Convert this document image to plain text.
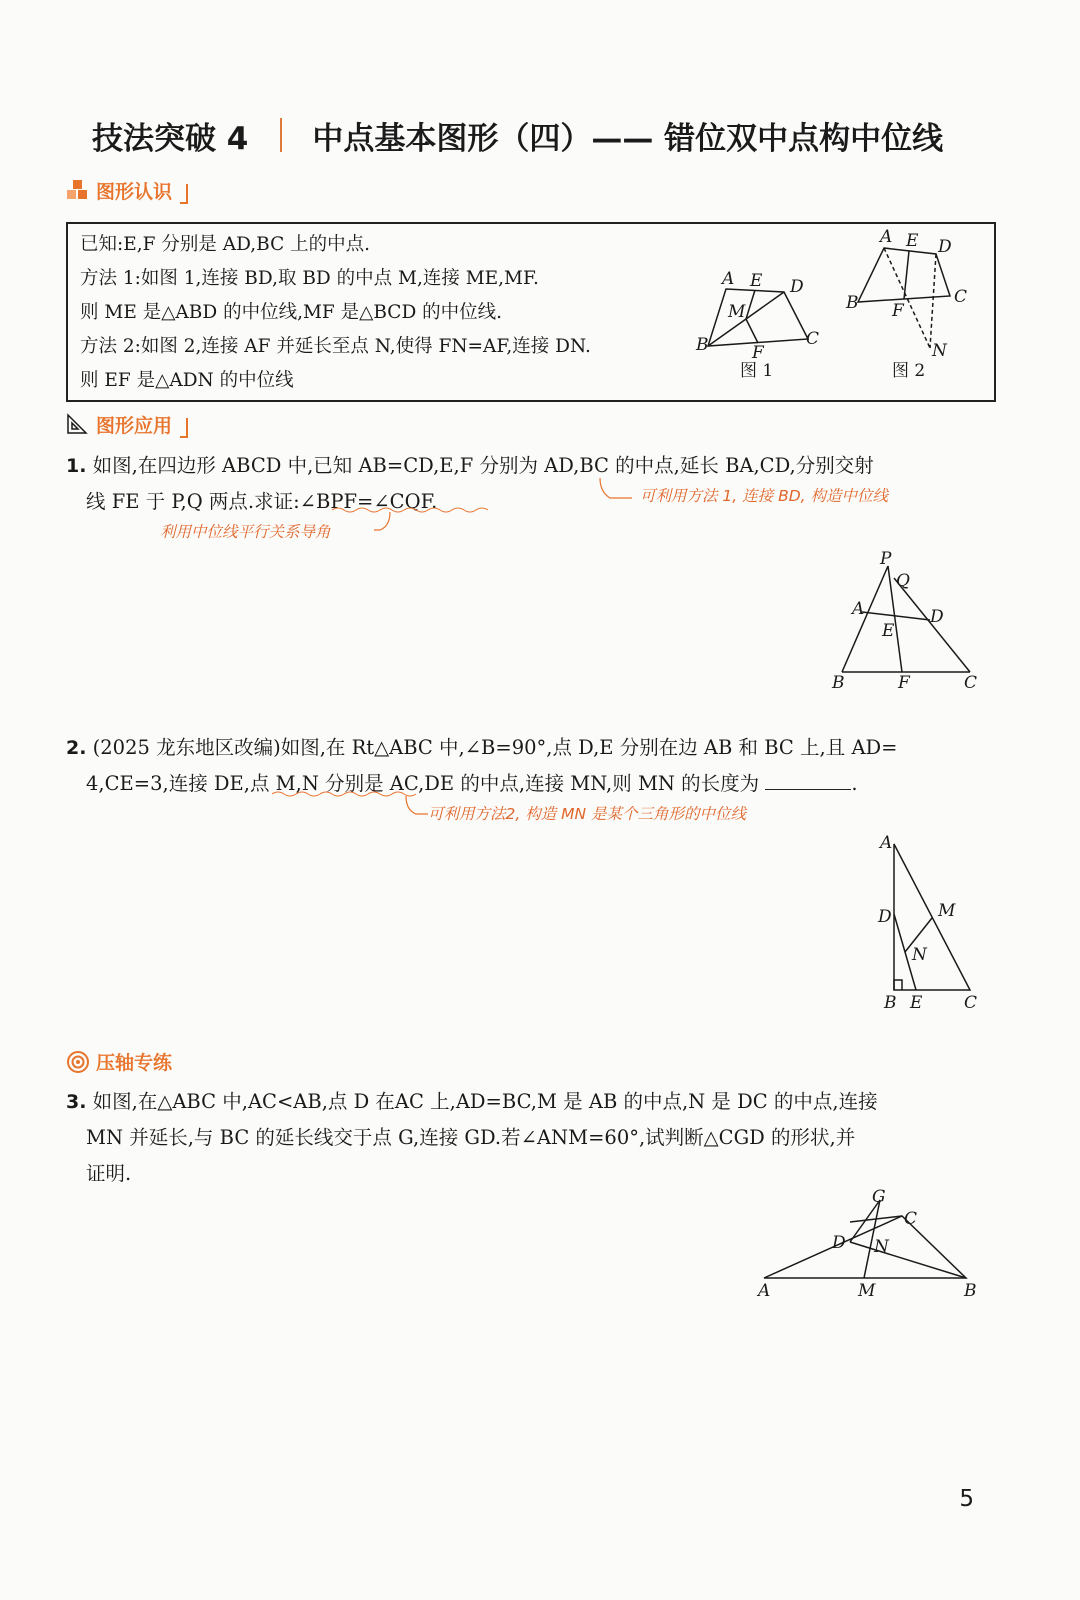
技法突破 4 中点基本图形（四）—— 错位双中点构中位线
图形认识
已知:E,F 分别是 AD,BC 上的中点.
方法 1:如图 1,连接 BD,取 BD 的中点 M,连接 ME,MF.
则 ME 是△ABD 的中位线,MF 是△BCD 的中位线.
方法 2:如图 2,连接 AF 并延长至点 N,使得 FN=AF,连接 DN.
则 EF 是△ADN 的中位线
A E D
M
B	F
C
图 1
A E D
B F
C
N
图 2
图形应用
1. 如图,在四边形 ABCD 中,已知 AB=CD,E,F 分别为 AD,BC 的中点,延长 BA,CD,分别交射
线 FE 于 P,Q 两点.求证:∠BPF=∠CQF.	可利用方法 1, 连接 BD, 构造中位线
利用中位线平行关系导角
P
Q
A	D
E
B	F	C
2. (2025 龙东地区改编)如图,在 Rt△ABC 中,∠B=90°,点 D,E 分别在边 AB 和 BC 上,且 AD=
4,CE=3,连接 DE,点 M,N 分别是 AC,DE 的中点,连接 MN,则 MN 的长度为	.
可利用方法2, 构造 MN 是某个三角形的中位线
A
D	M
N
B E C
压轴专练
3. 如图,在△ABC 中,AC<AB,点 D 在AC 上,AD=BC,M 是 AB 的中点,N 是 DC 的中点,连接
MN 并延长,与 BC 的延长线交于点 G,连接 GD.若∠ANM=60°,试判断△CGD 的形状,并
证明.
G
C
D N
A	M	B
5
